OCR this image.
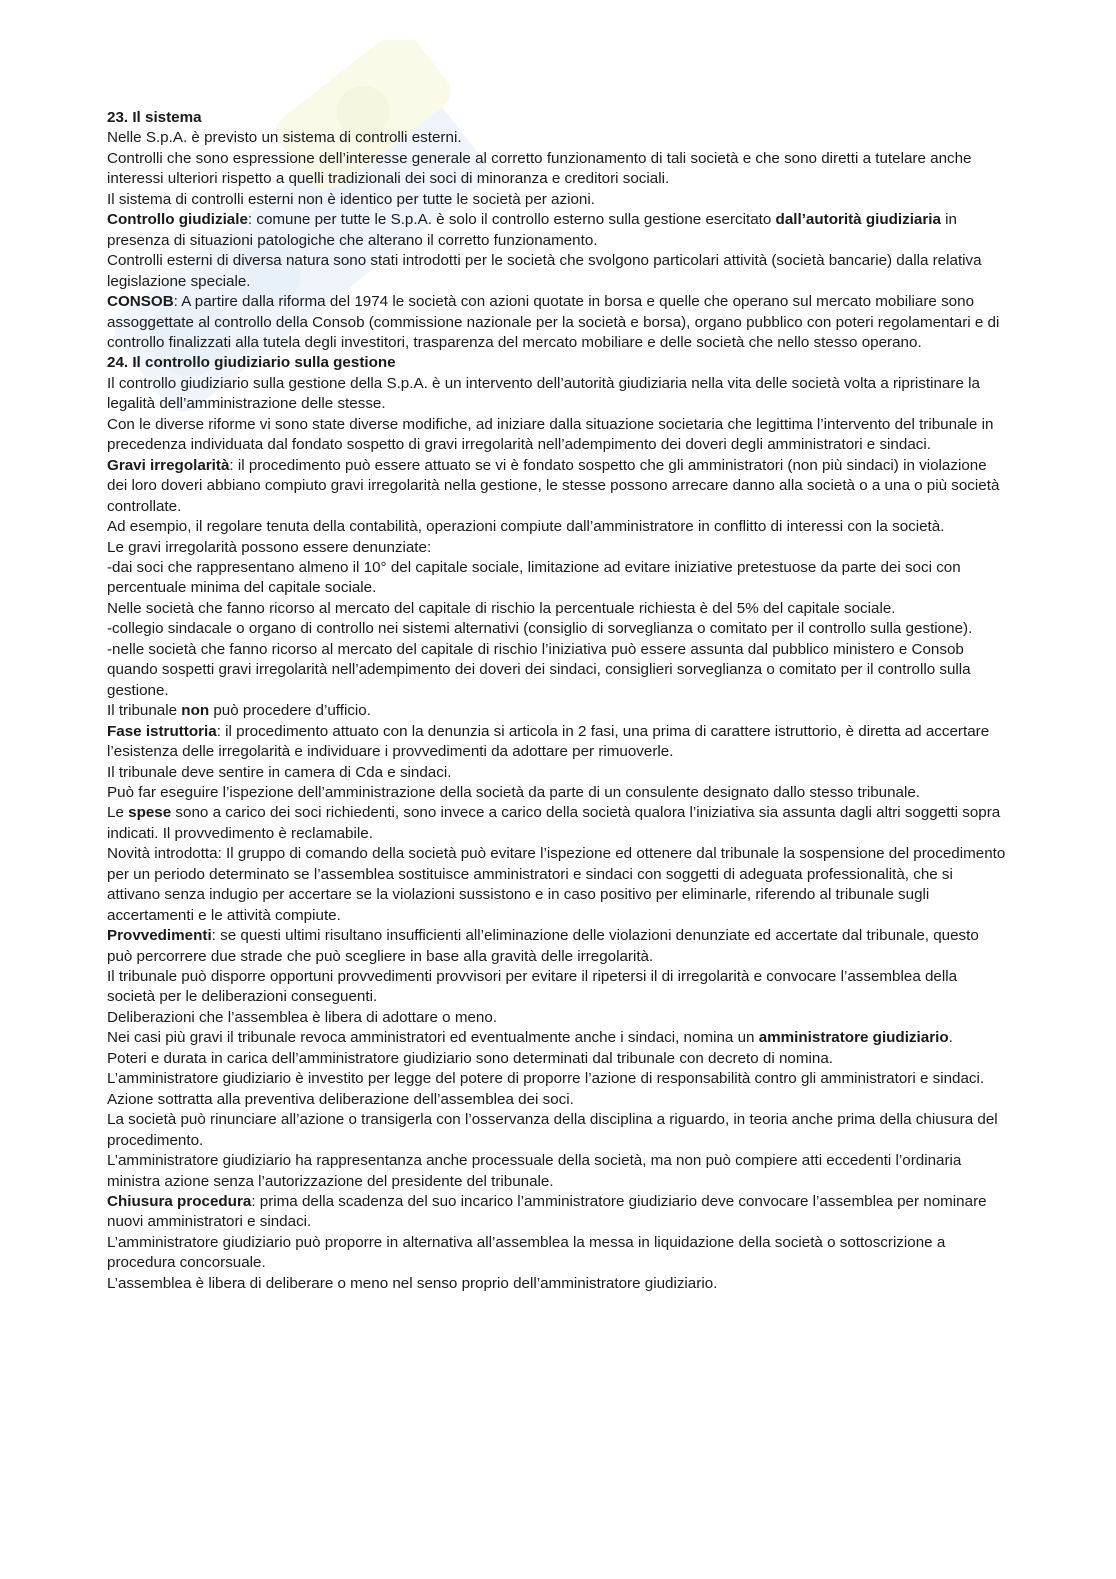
23. Il sistema

Nelle S.p.A. è previsto un sistema di controlli esterni.

Controlli che sono espressione dell’interesse generale al corretto funzionamento di tali società e che sono diretti a tutelare anche interessi ulteriori rispetto a quelli tradizionali dei soci di minoranza e creditori sociali.

Il sistema di controlli esterni non è identico per tutte le società per azioni.

Controllo giudiziale: comune per tutte le S.p.A. è solo il controllo esterno sulla gestione esercitato dall’autorità giudiziaria in presenza di situazioni patologiche che alterano il corretto funzionamento.

Controlli esterni di diversa natura sono stati introdotti per le società che svolgono particolari attività (società bancarie) dalla relativa legislazione speciale.

CONSOB: A partire dalla riforma del 1974 le società con azioni quotate in borsa e quelle che operano sul mercato mobiliare sono assoggettate al controllo della Consob (commissione nazionale per la società e borsa), organo pubblico con poteri regolamentari e di controllo finalizzati alla tutela degli investitori, trasparenza del mercato mobiliare e delle società che nello stesso operano.

24. Il controllo giudiziario sulla gestione

Il controllo giudiziario sulla gestione della S.p.A. è un intervento dell’autorità giudiziaria nella vita delle società volta a ripristinare la legalità dell’amministrazione delle stesse.

Con le diverse riforme vi sono state diverse modifiche, ad iniziare dalla situazione societaria che legittima l’intervento del tribunale in precedenza individuata dal fondato sospetto di gravi irregolarità nell’adempimento dei doveri degli amministratori e sindaci.

Gravi irregolarità: il procedimento può essere attuato se vi è fondato sospetto che gli amministratori (non più sindaci) in violazione dei loro doveri abbiano compiuto gravi irregolarità nella gestione, le stesse possono arrecare danno alla società o a una o più società controllate.

Ad esempio, il regolare tenuta della contabilità, operazioni compiute dall’amministratore in conflitto di interessi con la società.

Le gravi irregolarità possono essere denunziate:

-dai soci che rappresentano almeno il 10° del capitale sociale, limitazione ad evitare iniziative pretestuose da parte dei soci con percentuale minima del capitale sociale.

Nelle società che fanno ricorso al mercato del capitale di rischio la percentuale richiesta è del 5% del capitale sociale.

-collegio sindacale o organo di controllo nei sistemi alternativi (consiglio di sorveglianza o comitato per il controllo sulla gestione).

-nelle società che fanno ricorso al mercato del capitale di rischio l’iniziativa può essere assunta dal pubblico ministero e Consob quando sospetti gravi irregolarità nell’adempimento dei doveri dei sindaci, consiglieri sorveglianza o comitato per il controllo sulla gestione.

Il tribunale non può procedere d’ufficio.

Fase istruttoria: il procedimento attuato con la denunzia si articola in 2 fasi, una prima di carattere istruttorio, è diretta ad accertare l’esistenza delle irregolarità e individuare i provvedimenti da adottare per rimuoverle.

Il tribunale deve sentire in camera di Cda e sindaci.

Può far eseguire l’ispezione dell’amministrazione della società da parte di un consulente designato dallo stesso tribunale.

Le spese sono a carico dei soci richiedenti, sono invece a carico della società qualora l’iniziativa sia assunta dagli altri soggetti sopra indicati. Il provvedimento è reclamabile.

Novità introdotta: Il gruppo di comando della società può evitare l’ispezione ed ottenere dal tribunale la sospensione del procedimento per un periodo determinato se l’assemblea sostituisce amministratori e sindaci con soggetti di adeguata professionalità, che si attivano senza indugio per accertare se la violazioni sussistono e in caso positivo per eliminarle, riferendo al tribunale sugli accertamenti e le attività compiute.

Provvedimenti: se questi ultimi risultano insufficienti all’eliminazione delle violazioni denunziate ed accertate dal tribunale, questo può percorrere due strade che può scegliere in base alla gravità delle irregolarità.

Il tribunale può disporre opportuni provvedimenti provvisori per evitare il ripetersi il di irregolarità e convocare l’assemblea della società per le deliberazioni conseguenti.

Deliberazioni che l’assemblea è libera di adottare o meno.

Nei casi più gravi il tribunale revoca amministratori ed eventualmente anche i sindaci, nomina un amministratore giudiziario.

Poteri e durata in carica dell’amministratore giudiziario sono determinati dal tribunale con decreto di nomina.

L’amministratore giudiziario è investito per legge del potere di proporre l’azione di responsabilità contro gli amministratori e sindaci.

Azione sottratta alla preventiva deliberazione dell’assemblea dei soci.

La società può rinunciare all’azione o transigerla con l’osservanza della disciplina a riguardo, in teoria anche prima della chiusura del procedimento.

L’amministratore giudiziario ha rappresentanza anche processuale della società, ma non può compiere atti eccedenti l’ordinaria ministra azione senza l’autorizzazione del presidente del tribunale.

Chiusura procedura: prima della scadenza del suo incarico l’amministratore giudiziario deve convocare l’assemblea per nominare nuovi amministratori e sindaci.

L’amministratore giudiziario può proporre in alternativa all’assemblea la messa in liquidazione della società o sottoscrizione a procedura concorsuale.

L’assemblea è libera di deliberare o meno nel senso proprio dell’amministratore giudiziario.
